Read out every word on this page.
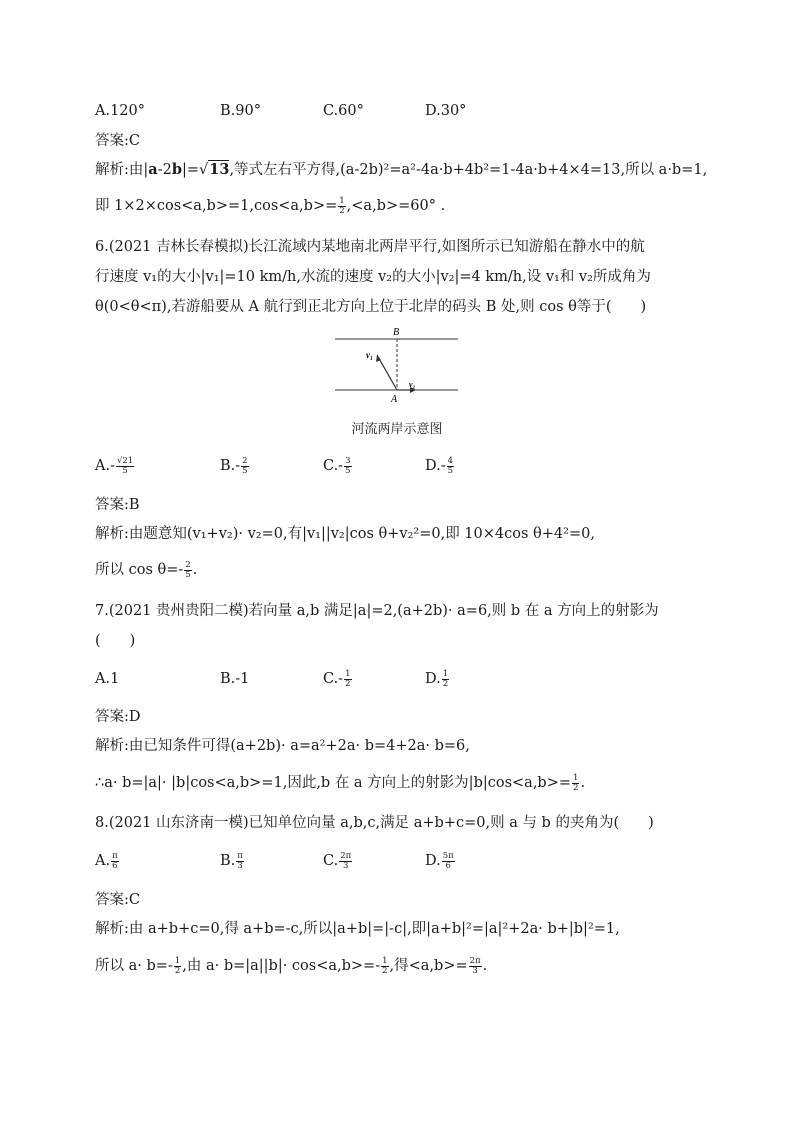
A.120°	B.90°	C.60°	D.30°
答案:C
解析:由|a-2b|=√13,等式左右平方得,(a-2b)²=a²-4a·b+4b²=1-4a·b+4×4=13,所以 a·b=1,
即 $1\times 2\times\cos<a,b>=1,\cos<a,b>= \frac{1}{2} ,<a,b>=60^\circ$ .
6.(2021 吉林长春模拟)长江流域内某地南北两岸平行,如图所示已知游船在静水中的航
行速度 v₁的大小|v₁|=10 km/h,水流的速度 v₂的大小|v₂|=4 km/h,设 v₁和 v₂所成角为
θ(0<θ<π),若游船要从 A 航行到正北方向上位于北岸的码头 B 处,则 cos θ等于(　　)
B
A
v₁
v₂
河流两岸示意图
$A.- \frac{√21}{5}$	$B.- \frac{2}{5}$	$C.- \frac{3}{5}$	$D.- \frac{4}{5}$
答案:B
解析:由题意知(v₁+v₂)· v₂=0,有|v₁||v₂|cos θ+v₂²=0,即 10×4cos θ+4²=0,
所以 $\cos \theta=- \frac{2}{5}$ .
7.(2021 贵州贵阳二模)若向量 a,b 满足|a|=2,(a+2b)· a=6,则 b 在 a 方向上的射影为
(　　)
A.1	B.-1	$C.- \frac{1}{2}$	D. $\frac{1}{2}$
答案:D
解析:由已知条件可得(a+2b)· a=a²+2a· b=4+2a· b=6,
∴a· b=|a|· |b|cos<a,b>=1,因此,b 在 a 方向上的射影为$|b|\cos<a,b>= \frac{1}{2}$ .
8.(2021 山东济南一模)已知单位向量 a,b,c,满足 a+b+c=0,则 a 与 b 的夹角为(　　)
A. $\frac{\pi}{6}$	B. $\frac{\pi}{3}$	C. $\frac{2\pi}{3}$	D. $\frac{5\pi}{6}$
答案:C
解析:由 a+b+c=0,得 a+b=-c,所以|a+b|=|-c|,即|a+b|²=|a|²+2a· b+|b|²=1,
所以 $a\cdot b=- \frac{1}{2}$ ,由 $a\cdot b=|a||b|\cdot \cos<a,b>=- \frac{1}{2}$ ,得$<a,b>= \frac{2\pi}{3}$ .
